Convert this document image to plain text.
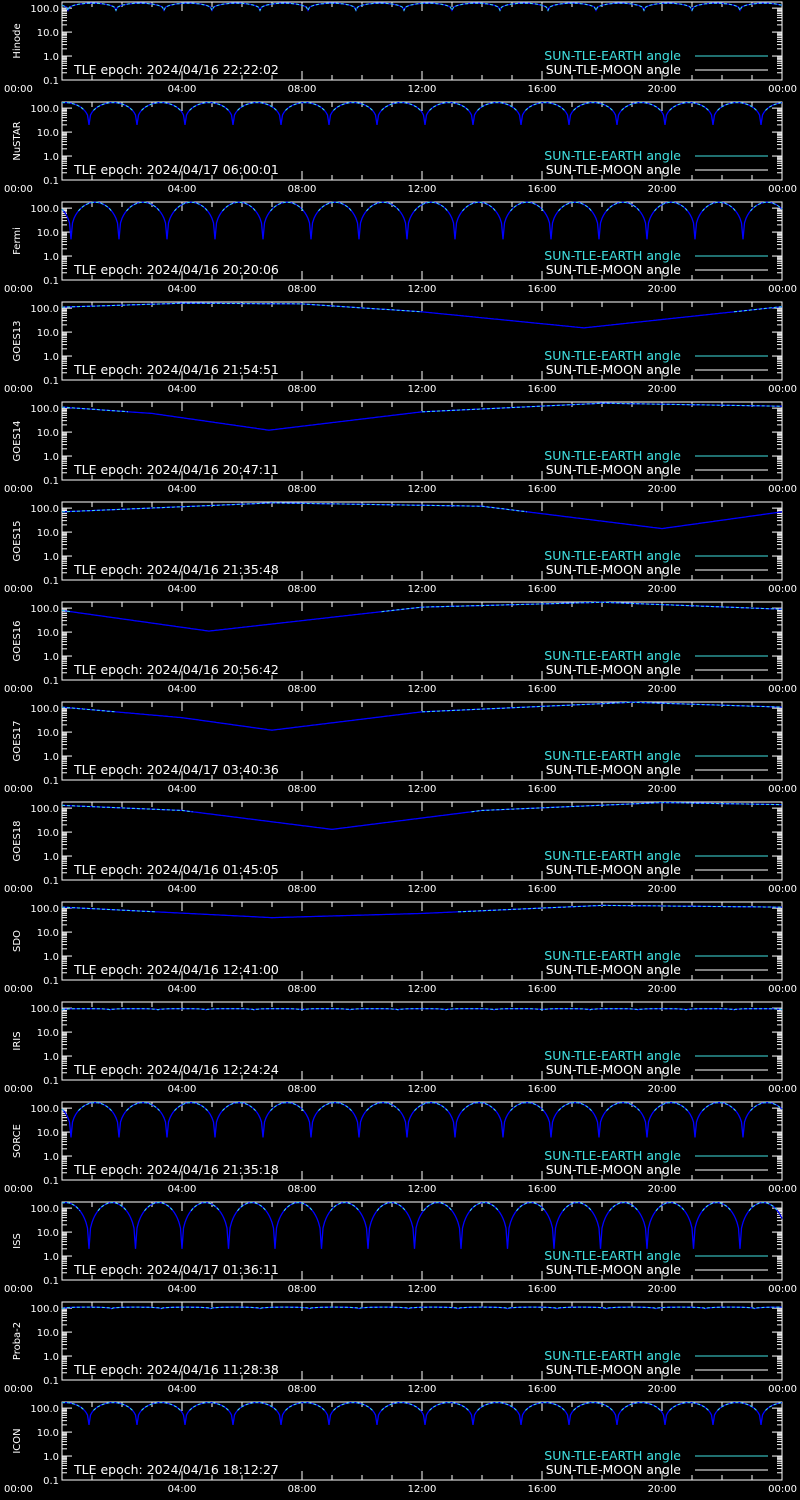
100.0
10.0
1.0
0.1
00:00	04:00	08:00	12:00	16:00	20:00	00:00
Hinode
TLE epoch: 2024/04/16 22:22:02
SUN-TLE-EARTH angle
SUN-TLE-MOON angle
100.0
10.0
1.0
0.1
00:00	04:00	08:00	12:00	16:00	20:00	00:00
NuSTAR
TLE epoch: 2024/04/17 06:00:01
SUN-TLE-EARTH angle
SUN-TLE-MOON angle
100.0
10.0
1.0
0.1
00:00	04:00	08:00	12:00	16:00	20:00	00:00
Fermi
TLE epoch: 2024/04/16 20:20:06
SUN-TLE-EARTH angle
SUN-TLE-MOON angle
100.0
10.0
1.0
0.1
00:00	04:00	08:00	12:00	16:00	20:00	00:00
GOES13
TLE epoch: 2024/04/16 21:54:51
SUN-TLE-EARTH angle
SUN-TLE-MOON angle
100.0
10.0
1.0
0.1
00:00	04:00	08:00	12:00	16:00	20:00	00:00
GOES14
TLE epoch: 2024/04/16 20:47:11
SUN-TLE-EARTH angle
SUN-TLE-MOON angle
100.0
10.0
1.0
0.1
00:00	04:00	08:00	12:00	16:00	20:00	00:00
GOES15
TLE epoch: 2024/04/16 21:35:48
SUN-TLE-EARTH angle
SUN-TLE-MOON angle
100.0
10.0
1.0
0.1
00:00	04:00	08:00	12:00	16:00	20:00	00:00
GOES16
TLE epoch: 2024/04/16 20:56:42
SUN-TLE-EARTH angle
SUN-TLE-MOON angle
100.0
10.0
1.0
0.1
00:00	04:00	08:00	12:00	16:00	20:00	00:00
GOES17
TLE epoch: 2024/04/17 03:40:36
SUN-TLE-EARTH angle
SUN-TLE-MOON angle
100.0
10.0
1.0
0.1
00:00	04:00	08:00	12:00	16:00	20:00	00:00
GOES18
TLE epoch: 2024/04/16 01:45:05
SUN-TLE-EARTH angle
SUN-TLE-MOON angle
100.0
10.0
1.0
0.1
00:00	04:00	08:00	12:00	16:00	20:00	00:00
SDO
TLE epoch: 2024/04/16 12:41:00
SUN-TLE-EARTH angle
SUN-TLE-MOON angle
100.0
10.0
1.0
0.1
00:00	04:00	08:00	12:00	16:00	20:00	00:00
IRIS
TLE epoch: 2024/04/16 12:24:24
SUN-TLE-EARTH angle
SUN-TLE-MOON angle
100.0
10.0
1.0
0.1
00:00	04:00	08:00	12:00	16:00	20:00	00:00
SORCE
TLE epoch: 2024/04/16 21:35:18
SUN-TLE-EARTH angle
SUN-TLE-MOON angle
100.0
10.0
1.0
0.1
00:00	04:00	08:00	12:00	16:00	20:00	00:00
ISS
TLE epoch: 2024/04/17 01:36:11
SUN-TLE-EARTH angle
SUN-TLE-MOON angle
100.0
10.0
1.0
0.1
00:00	04:00	08:00	12:00	16:00	20:00	00:00
Proba-2
TLE epoch: 2024/04/16 11:28:38
SUN-TLE-EARTH angle
SUN-TLE-MOON angle
100.0
10.0
1.0
0.1
00:00	04:00	08:00	12:00	16:00	20:00	00:00
ICON
TLE epoch: 2024/04/16 18:12:27
SUN-TLE-EARTH angle
SUN-TLE-MOON angle
